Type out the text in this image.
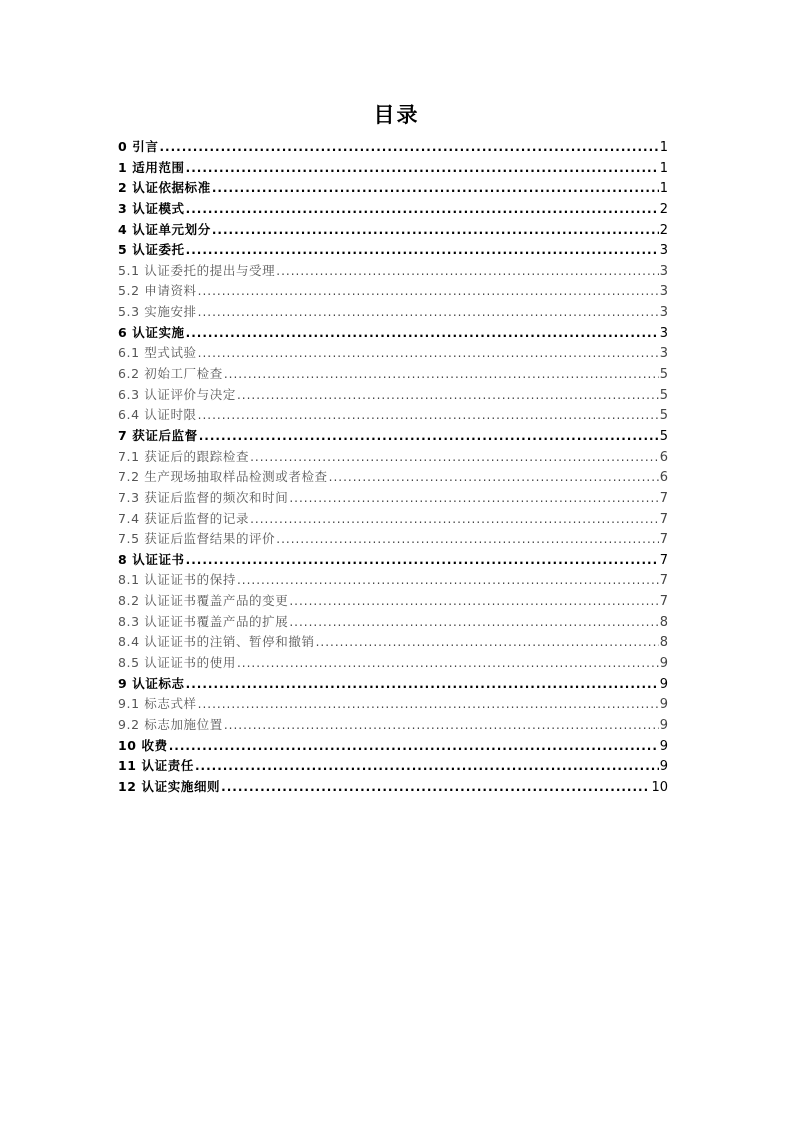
目录
0 引言 .....	1
1 适用范围 .....	1
2 认证依据标准 .....	1
3 认证模式 .....	2
4 认证单元划分 .....	2
5 认证委托 .....	3
5.1 认证委托的提出与受理 .....	3
5.2 申请资料 .....	3
5.3 实施安排 .....	3
6 认证实施 .....	3
6.1 型式试验 .....	3
6.2 初始工厂检查 .....	5
6.3 认证评价与决定 .....	5
6.4 认证时限 .....	5
7 获证后监督 .....	5
7.1 获证后的跟踪检查 .....	6
7.2 生产现场抽取样品检测或者检查 .....	6
7.3 获证后监督的频次和时间 .....	7
7.4 获证后监督的记录 .....	7
7.5 获证后监督结果的评价 .....	7
8 认证证书 .....	7
8.1 认证证书的保持 .....	7
8.2 认证证书覆盖产品的变更 .....	7
8.3 认证证书覆盖产品的扩展 .....	8
8.4 认证证书的注销、暂停和撤销 .....	8
8.5 认证证书的使用 .....	9
9 认证标志 .....	9
9.1 标志式样 .....	9
9.2 标志加施位置 .....	9
10 收费 .....	9
11 认证责任 .....	9
12 认证实施细则 .....	10
